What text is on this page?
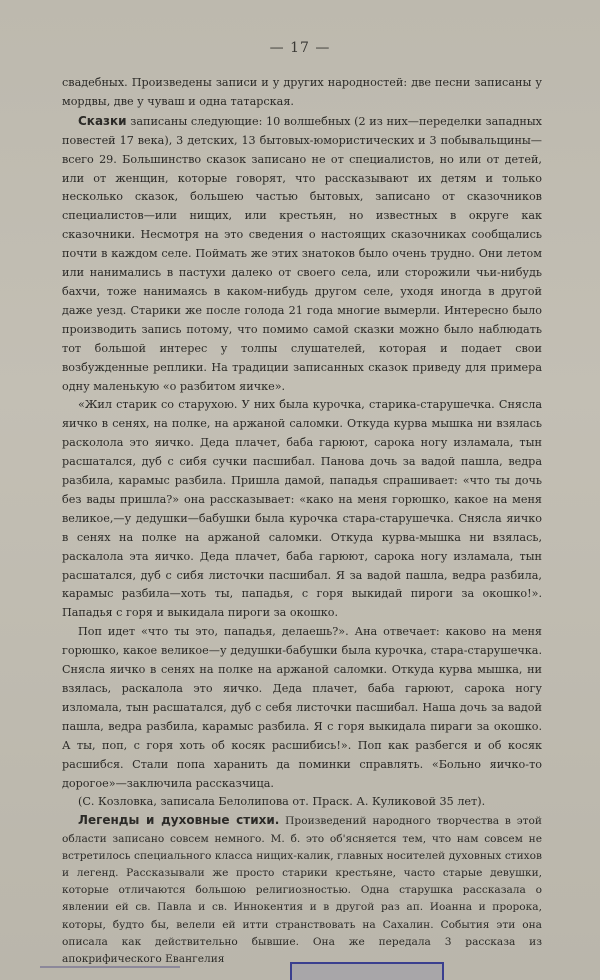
— 17 —

свадебных. Произведены записи и у других народностей: две песни записаны у мордвы, две у чуваш и одна татарская.

Сказки записаны следующие: 10 волшебных (2 из них—переделки западных повестей 17 века), 3 детских, 13 бытовых-юмористических и 3 побывальщины—всего 29. Большинство сказок записано не от специалистов, но или от детей, или от женщин, которые говорят, что рассказывают их детям и только несколько сказок, большею частью бытовых, записано от сказочников специалистов—или нищих, или крестьян, но известных в округе как сказочники. Несмотря на это сведения о настоящих сказочниках сообщались почти в каждом селе. Поймать же этих знатоков было очень трудно. Они летом или нанимались в пастухи далеко от своего села, или сторожили чьи-нибудь бахчи, тоже нанимаясь в каком-нибудь другом селе, уходя иногда в другой даже уезд. Старики же после голода 21 года многие вымерли. Интересно было производить запись потому, что помимо самой сказки можно было наблюдать тот большой интерес у толпы слушателей, которая и подает свои возбужденные реплики. На традиции записанных сказок приведу для примера одну маленькую «о разбитом яичке».

«Жил старик со старухою. У них была курочка, старика-старушечка. Снясла яичко в сенях, на полке, на аржаной саломки. Откуда курва мышка ни взялась расколола это яичко. Деда плачет, баба гарюют, сарока ногу изламала, тын расшатался, дуб с сибя сучки пасшибал. Панова дочь за вадой пашла, ведра разбила, карамыс разбила. Пришла дамой, пападья спрашивает: «что ты дочь без вады пришла?» она рассказывает: «како на меня горюшко, какое на меня великое,—у дедушки—бабушки была курочка стара-старушечка. Снясла яичко в сенях на полке на аржаной саломки. Откуда курва-мышка ни взялась, раскалола эта яичко. Деда плачет, баба гарюют, сарока ногу изламала, тын расшатался, дуб с сибя листочки пасшибал. Я за вадой пашла, ведра разбила, карамыс разбила—хоть ты, пападья, с горя выкидай пироги за окошко!». Пападья с горя и выкидала пироги за окошко.

Поп идет «что ты это, пападья, делаешь?». Ана отвечает: каково на меня горюшко, какое великое—у дедушки-бабушки была курочка, стара-старушечка. Снясла яичко в сенях на полке на аржаной саломки. Откуда курва мышка, ни взялась, раскалола это яичко. Деда плачет, баба гарюют, сарока ногу изломала, тын расшатался, дуб с себя листочки пасшибал. Наша дочь за вадой пашла, ведра разбила, карамыс разбила. Я с горя выкидала пираги за окошко. А ты, поп, с горя хоть об косяк расшибись!». Поп как разбегся и об косяк расшибся. Стали попа харанить да поминки справлять. «Больно яичко-то дорогое»—заключила рассказчица.

(С. Козловка, записала Белолипова от. Праск. А. Куликовой 35 лет).

Легенды и духовные стихи. Произведений народного творчества в этой области записано совсем немного. М. б. это об'ясняется тем, что нам совсем не встретилось специального класса нищих-калик, главных носителей духовных стихов и легенд. Рассказывали же просто старики крестьяне, часто старые девушки, которые отличаются большою религиозностью. Одна старушка рассказала о явлении ей св. Павла и св. Иннокентия и в другой раз ап. Иоанна и пророка, которы, будто бы, велели ей итти странствовать на Сахалин. События эти она описала как действительно бывшие. Она же передала 3 рассказа из апокрифического Евангелия
